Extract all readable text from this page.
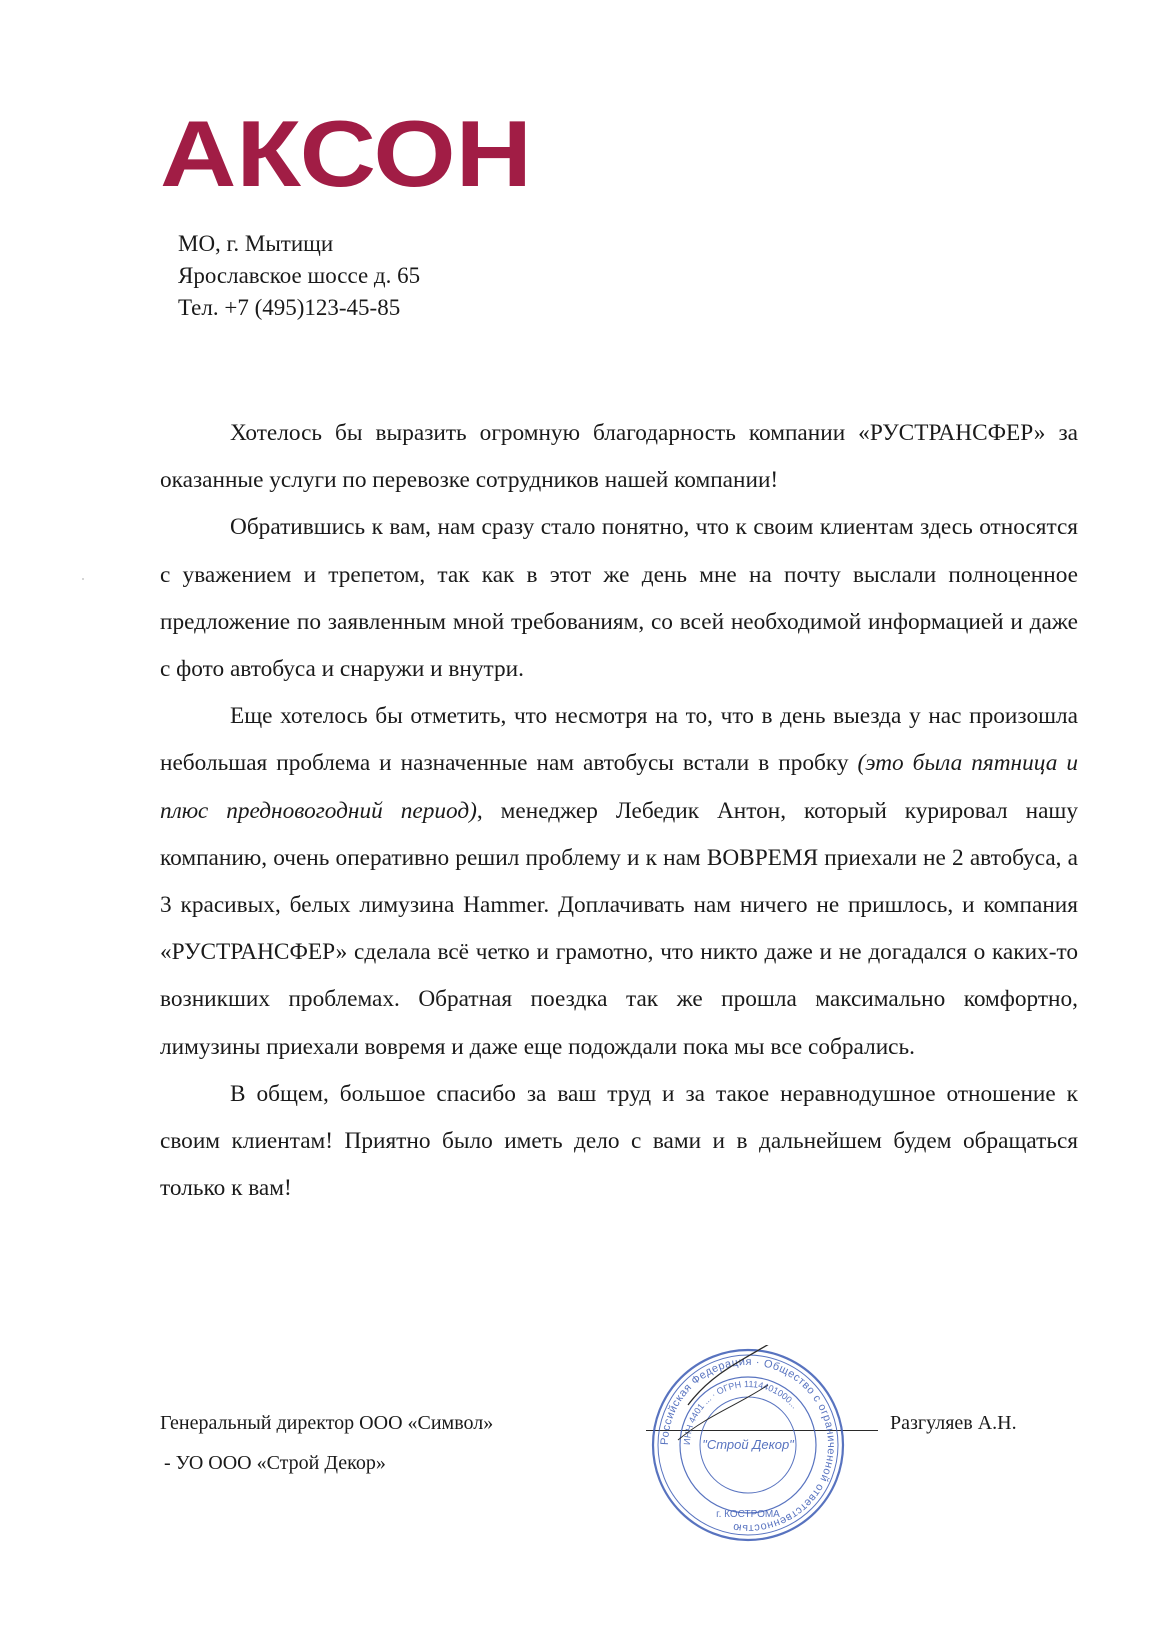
АКСОН
МО, г. Мытищи
Ярославское шоссе д. 65
Тел. +7 (495)123-45-85

Хотелось бы выразить огромную благодарность компании «РУСТРАНСФЕР» за оказанные услуги по перевозке сотрудников нашей компании!

Обратившись к вам, нам сразу стало понятно, что к своим клиентам здесь относятся с уважением и трепетом, так как в этот же день мне на почту выслали полноценное предложение по заявленным мной требованиям, со всей необходимой информацией и даже с фото автобуса и снаружи и внутри.

Еще хотелось бы отметить, что несмотря на то, что в день выезда у нас произошла небольшая проблема и назначенные нам автобусы встали в пробку (это была пятница и плюс предновогодний период), менеджер Лебедик Антон, который курировал нашу компанию, очень оперативно решил проблему и к нам ВОВРЕМЯ приехали не 2 автобуса, а 3 красивых, белых лимузина Hammer. Доплачивать нам ничего не пришлось, и компания «РУСТРАНСФЕР» сделала всё четко и грамотно, что никто даже и не догадался о каких-то возникших проблемах. Обратная поездка так же прошла максимально комфортно, лимузины приехали вовремя и даже еще подождали пока мы все собрались.

В общем, большое спасибо за ваш труд и за такое неравнодушное отношение к своим клиентам! Приятно было иметь дело с вами и в дальнейшем будем обращаться только к вам!

Генеральный директор ООО «Символ»
- УО ООО «Строй Декор»
Разгуляев А.Н.
Российская Федерация · Общество с ограниченной ответственностью
ИНН 4401 ... · ОГРН 1114401000...
"Строй Декор"
г. КОСТРОМА
